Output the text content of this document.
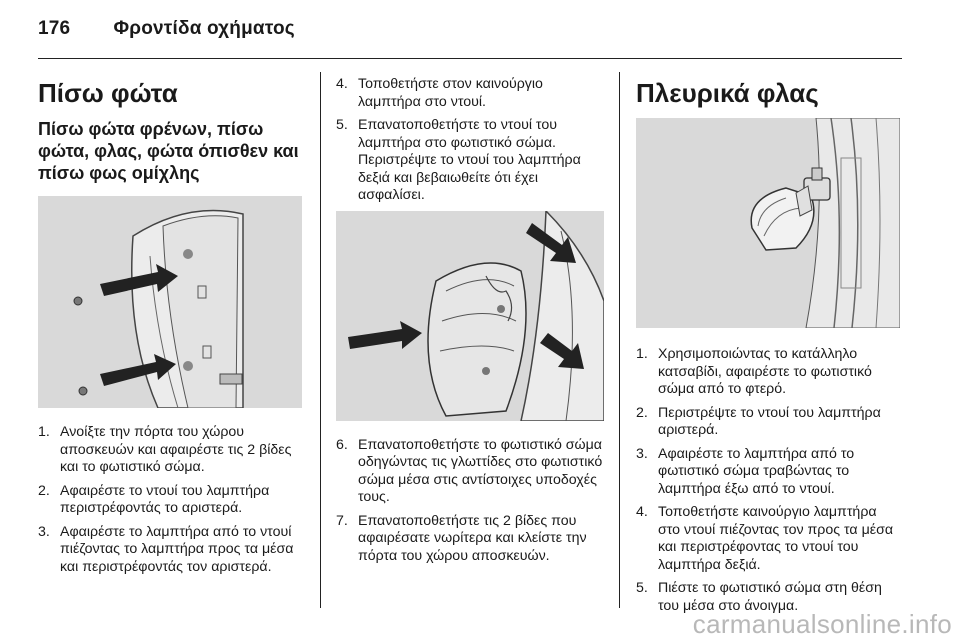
176 Φροντίδα οχήματος
Πίσω φώτα
Πίσω φώτα φρένων, πίσω φώτα, φλας, φώτα όπισθεν και πίσω φως ομίχλης
1. Ανοίξτε την πόρτα του χώρου αποσκευών και αφαιρέστε τις 2 βίδες και το φωτιστικό σώμα.
2. Αφαιρέστε το ντουί του λαμπτήρα περιστρέφοντάς το αριστερά.
3. Αφαιρέστε το λαμπτήρα από το ντουί πιέζοντας το λαμπτήρα προς τα μέσα και περιστρέφοντάς τον αριστερά.
4. Τοποθετήστε στον καινούργιο λαμπτήρα στο ντουί.
5. Επανατοποθετήστε το ντουί του λαμπτήρα στο φωτιστικό σώμα. Περιστρέψτε το ντουί του λαμπτήρα δεξιά και βεβαιωθείτε ότι έχει ασφαλίσει.
6. Επανατοποθετήστε το φωτιστικό σώμα οδηγώντας τις γλωττίδες στο φωτιστικό σώμα μέσα στις αντίστοιχες υποδοχές τους.
7. Επανατοποθετήστε τις 2 βίδες που αφαιρέσατε νωρίτερα και κλείστε την πόρτα του χώρου αποσκευών.
Πλευρικά φλας
1. Χρησιμοποιώντας το κατάλληλο κατσαβίδι, αφαιρέστε το φωτιστικό σώμα από το φτερό.
2. Περιστρέψτε το ντουί του λαμπτήρα αριστερά.
3. Αφαιρέστε το λαμπτήρα από το φωτιστικό σώμα τραβώντας το λαμπτήρα έξω από το ντουί.
4. Τοποθετήστε καινούργιο λαμπτήρα στο ντουί πιέζοντας τον προς τα μέσα και περιστρέφοντας το ντουί του λαμπτήρα δεξιά.
5. Πιέστε το φωτιστικό σώμα στη θέση του μέσα στο άνοιγμα.
carmanualsonline.info
